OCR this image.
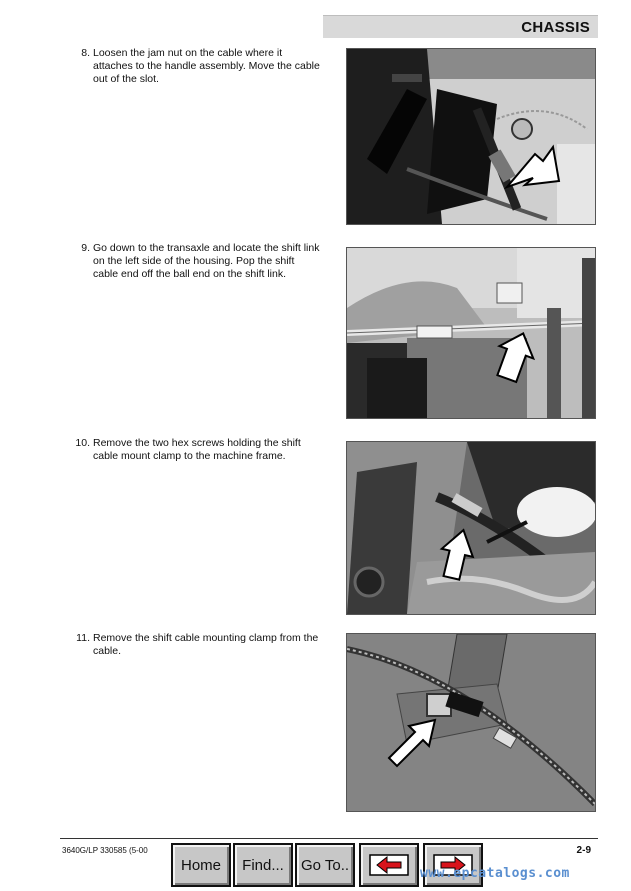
CHASSIS
8. Loosen the jam nut on the cable where it attaches to the handle assembly. Move the cable out of the slot.
9. Go down to the transaxle and locate the shift link on the left side of the housing. Pop the shift cable end off the ball end on the shift link.
10. Remove the two hex screws holding the shift cable mount clamp to the machine frame.
11. Remove the shift cable mounting clamp from the cable.
3640G/LP 330585 (5-00	2-9
Home	Find...	Go To..	www.epcatalogs.com
